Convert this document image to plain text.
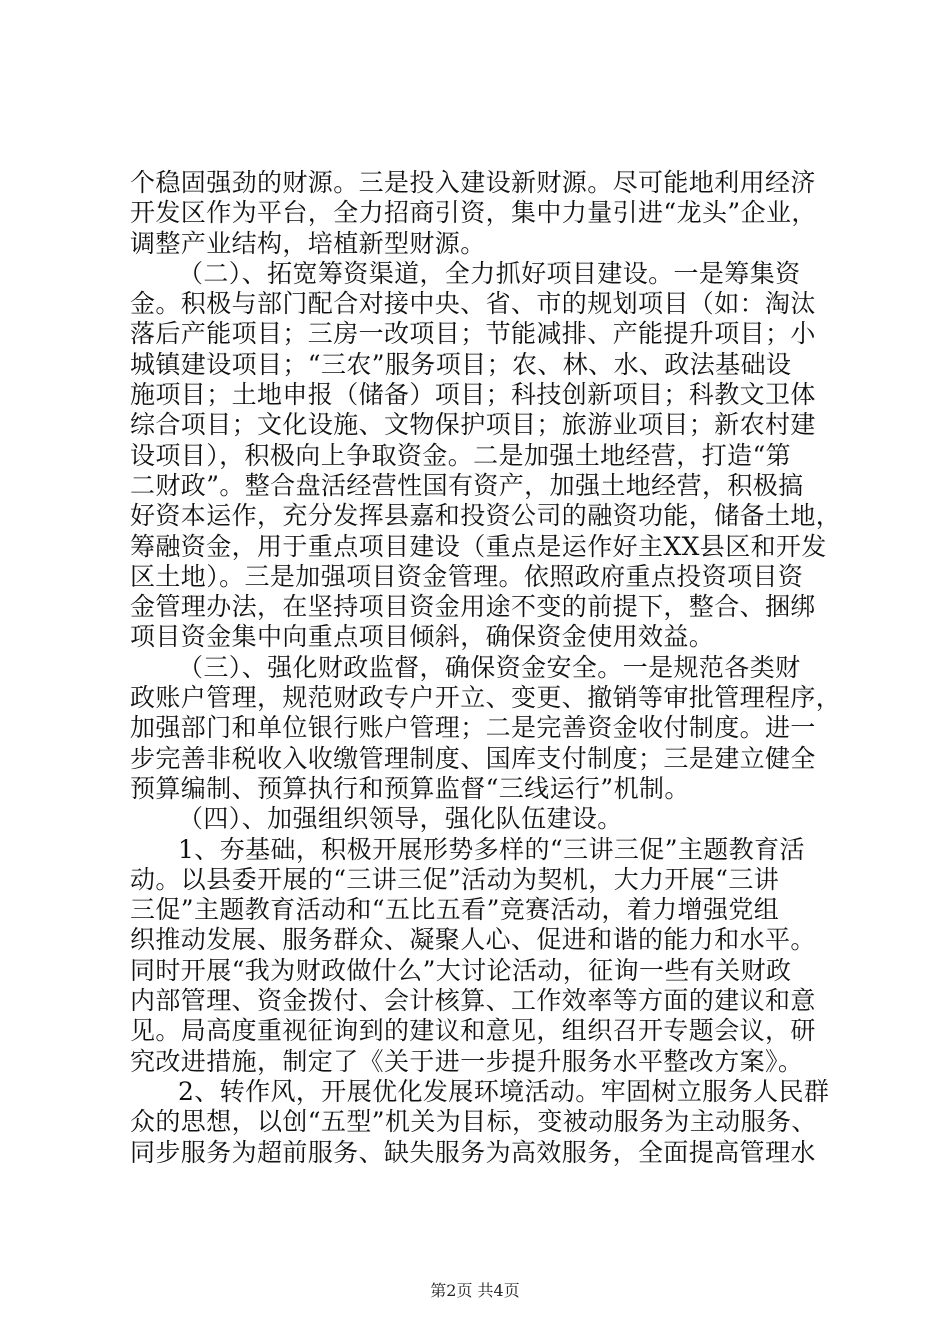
个稳固强劲的财源。三是投入建设新财源。尽可能地利用经济
开发区作为平台，全力招商引资，集中力量引进“龙头”企业，
调整产业结构，培植新型财源。
（二）、拓宽筹资渠道，全力抓好项目建设。一是筹集资
金。积极与部门配合对接中央、省、市的规划项目（如：淘汰
落后产能项目；三房一改项目；节能减排、产能提升项目；小
城镇建设项目；“三农”服务项目；农、林、水、政法基础设
施项目；土地申报（储备）项目；科技创新项目；科教文卫体
综合项目；文化设施、文物保护项目；旅游业项目；新农村建
设项目），积极向上争取资金。二是加强土地经营，打造“第
二财政”。整合盘活经营性国有资产，加强土地经营，积极搞
好资本运作，充分发挥县嘉和投资公司的融资功能，储备土地，
筹融资金，用于重点项目建设（重点是运作好主XX县区和开发
区土地）。三是加强项目资金管理。依照政府重点投资项目资
金管理办法，在坚持项目资金用途不变的前提下，整合、捆绑
项目资金集中向重点项目倾斜，确保资金使用效益。
（三）、强化财政监督，确保资金安全。一是规范各类财
政账户管理，规范财政专户开立、变更、撤销等审批管理程序，
加强部门和单位银行账户管理；二是完善资金收付制度。进一
步完善非税收入收缴管理制度、国库支付制度；三是建立健全
预算编制、预算执行和预算监督“三线运行”机制。
（四）、加强组织领导，强化队伍建设。
1、夯基础，积极开展形势多样的“三讲三促”主题教育活
动。以县委开展的“三讲三促”活动为契机，大力开展“三讲
三促”主题教育活动和“五比五看”竞赛活动，着力增强党组
织推动发展、服务群众、凝聚人心、促进和谐的能力和水平。
同时开展“我为财政做什么”大讨论活动，征询一些有关财政
内部管理、资金拨付、会计核算、工作效率等方面的建议和意
见。局高度重视征询到的建议和意见，组织召开专题会议，研
究改进措施，制定了《关于进一步提升服务水平整改方案》。
2、转作风，开展优化发展环境活动。牢固树立服务人民群
众的思想，以创“五型”机关为目标，变被动服务为主动服务、
同步服务为超前服务、缺失服务为高效服务，全面提高管理水
第2页 共4页
